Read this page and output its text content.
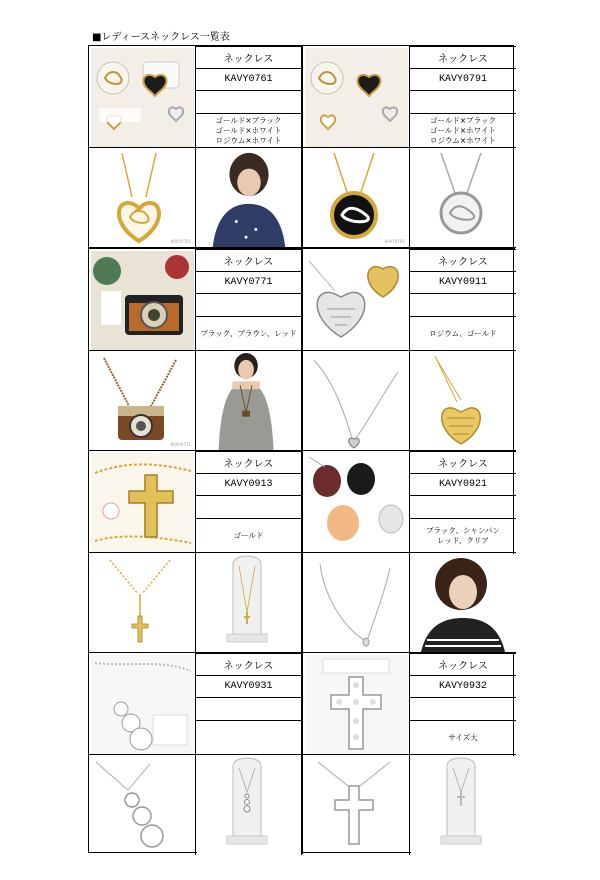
■レディースネックレス一覧表
ネックレス
KAVY0761
ゴールド×ブラック
ゴールド×ホワイト
ロジウム×ホワイト
KAVY0761
ネックレス
KAVY0791
ゴールド×ブラック
ゴールド×ホワイト
ロジウム×ホワイト
KAVY0791
ネックレス
KAVY0771
ブラック、ブラウン、レッド
KAVY0771
ネックレス
KAVY0911
ロジウム、ゴールド
ネックレス
KAVY0913
ゴールド
ネックレス
KAVY0921
ブラック、シャンパン
レッド、クリア
ネックレス
KAVY0931
ネックレス
KAVY0932
サイズ大
